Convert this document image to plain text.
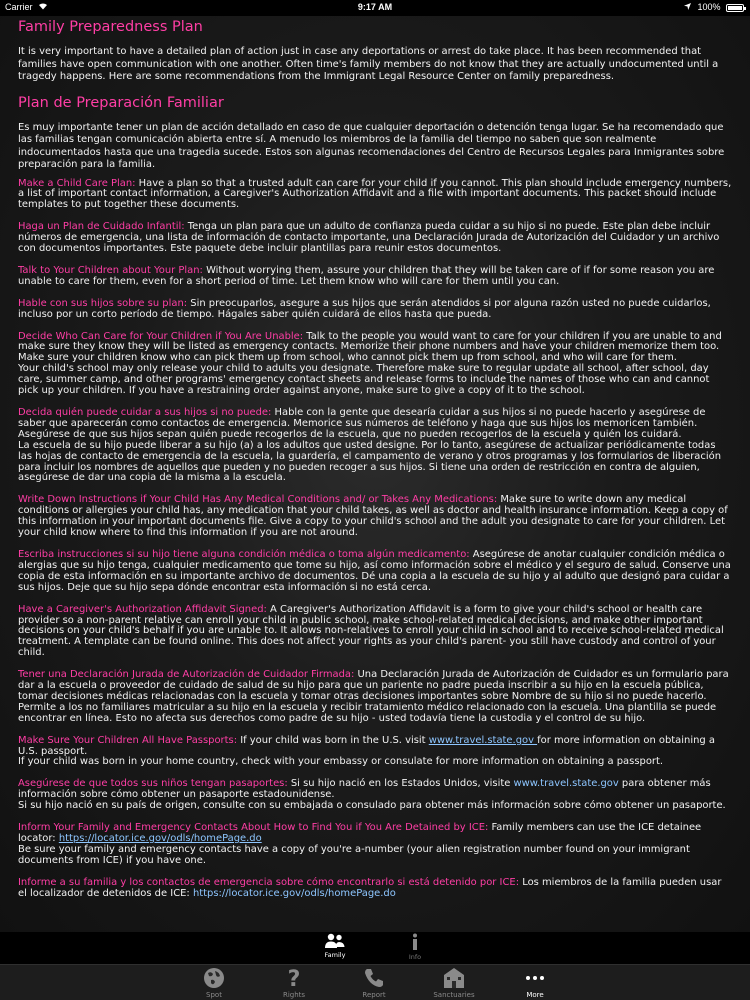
Carrier	9:17 AM	100%
Family Preparedness Plan

It is very important to have a detailed plan of action just in case any deportations or arrest do take place. It has been recommended that families have open communication with one another. Often time's family members do not know that they are actually undocumented until a tragedy happens. Here are some recommendations from the Immigrant Legal Resource Center on family preparedness.

Plan de Preparación Familiar

Es muy importante tener un plan de acción detallado en caso de que cualquier deportación o detención tenga lugar. Se ha recomendado que las familias tengan comunicación abierta entre sí. A menudo los miembros de la familia del tiempo no saben que son realmente indocumentados hasta que una tragedia sucede. Estos son algunas recomendaciones del Centro de Recursos Legales para Inmigrantes sobre preparación para la familia.

Make a Child Care Plan: Have a plan so that a trusted adult can care for your child if you cannot. This plan should include emergency numbers, a list of important contact information, a Caregiver's Authorization Affidavit and a file with important documents. This packet should include templates to put together these documents.
Haga un Plan de Cuidado Infantil: Tenga un plan para que un adulto de confianza pueda cuidar a su hijo si no puede. Este plan debe incluir números de emergencia, una lista de información de contacto importante, una Declaración Jurada de Autorización del Cuidador y un archivo con documentos importantes. Este paquete debe incluir plantillas para reunir estos documentos.
Talk to Your Children about Your Plan: Without worrying them, assure your children that they will be taken care of if for some reason you are unable to care for them, even for a short period of time. Let them know who will care for them until you can.
Hable con sus hijos sobre su plan: Sin preocuparlos, asegure a sus hijos que serán atendidos si por alguna razón usted no puede cuidarlos, incluso por un corto período de tiempo. Hágales saber quién cuidará de ellos hasta que pueda.
Decide Who Can Care for Your Children if You Are Unable: Talk to the people you would want to care for your children if you are unable to and make sure they know they will be listed as emergency contacts. Memorize their phone numbers and have your children memorize them too.
Make sure your children know who can pick them up from school, who cannot pick them up from school, and who will care for them.
Your child's school may only release your child to adults you designate. Therefore make sure to regular update all school, after school, day care, summer camp, and other programs' emergency contact sheets and release forms to include the names of those who can and cannot pick up your children. If you have a restraining order against anyone, make sure to give a copy of it to the school.
Decida quién puede cuidar a sus hijos si no puede: Hable con la gente que desearía cuidar a sus hijos si no puede hacerlo y asegúrese de saber que aparecerán como contactos de emergencia. Memorice sus números de teléfono y haga que sus hijos los memoricen también.
Asegúrese de que sus hijos sepan quién puede recogerlos de la escuela, que no pueden recogerlos de la escuela y quién los cuidará.
La escuela de su hijo puede liberar a su hijo (a) a los adultos que usted designe. Por lo tanto, asegúrese de actualizar periódicamente todas las hojas de contacto de emergencia de la escuela, la guardería, el campamento de verano y otros programas y los formularios de liberación para incluir los nombres de aquellos que pueden y no pueden recoger a sus hijos. Si tiene una orden de restricción en contra de alguien, asegúrese de dar una copia de la misma a la escuela.
Write Down Instructions if Your Child Has Any Medical Conditions and/ or Takes Any Medications: Make sure to write down any medical conditions or allergies your child has, any medication that your child takes, as well as doctor and health insurance information. Keep a copy of this information in your important documents file. Give a copy to your child's school and the adult you designate to care for your children. Let your child know where to find this information if you are not around.
Escriba instrucciones si su hijo tiene alguna condición médica o toma algún medicamento: Asegúrese de anotar cualquier condición médica o alergias que su hijo tenga, cualquier medicamento que tome su hijo, así como información sobre el médico y el seguro de salud. Conserve una copia de esta información en su importante archivo de documentos. Dé una copia a la escuela de su hijo y al adulto que designó para cuidar a sus hijos. Deje que su hijo sepa dónde encontrar esta información si no está cerca.
Have a Caregiver's Authorization Affidavit Signed: A Caregiver's Authorization Affidavit is a form to give your child's school or health care provider so a non-parent relative can enroll your child in public school, make school-related medical decisions, and make other important decisions on your child's behalf if you are unable to. It allows non-relatives to enroll your child in school and to receive school-related medical treatment. A template can be found online. This does not affect your rights as your child's parent- you still have custody and control of your child.
Tener una Declaración Jurada de Autorización de Cuidador Firmada: Una Declaración Jurada de Autorización de Cuidador es un formulario para dar a la escuela o proveedor de cuidado de salud de su hijo para que un pariente no padre pueda inscribir a su hijo en la escuela pública, tomar decisiones médicas relacionadas con la escuela y tomar otras decisiones importantes sobre Nombre de su hijo si no puede hacerlo. Permite a los no familiares matricular a su hijo en la escuela y recibir tratamiento médico relacionado con la escuela. Una plantilla se puede encontrar en línea. Esto no afecta sus derechos como padre de su hijo - usted todavía tiene la custodia y el control de su hijo.
Make Sure Your Children All Have Passports: If your child was born in the U.S. visit www.travel.state.gov for more information on obtaining a U.S. passport.
If your child was born in your home country, check with your embassy or consulate for more information on obtaining a passport.
Asegúrese de que todos sus niños tengan pasaportes: Si su hijo nació en los Estados Unidos, visite www.travel.state.gov para obtener más información sobre cómo obtener un pasaporte estadounidense.
Si su hijo nació en su país de origen, consulte con su embajada o consulado para obtener más información sobre cómo obtener un pasaporte.
Inform Your Family and Emergency Contacts About How to Find You if You Are Detained by ICE: Family members can use the ICE detainee locator: https://locator.ice.gov/odls/homePage.do
Be sure your family and emergency contacts have a copy of you're a-number (your alien registration number found on your immigrant documents from ICE) if you have one.
Informe a su familia y los contactos de emergencia sobre cómo encontrarlo si está detenido por ICE: Los miembros de la familia pueden usar el localizador de detenidos de ICE: https://locator.ice.gov/odls/homePage.do
Family	Info
Spot
?
Rights	Report	Sanctuaries	More
